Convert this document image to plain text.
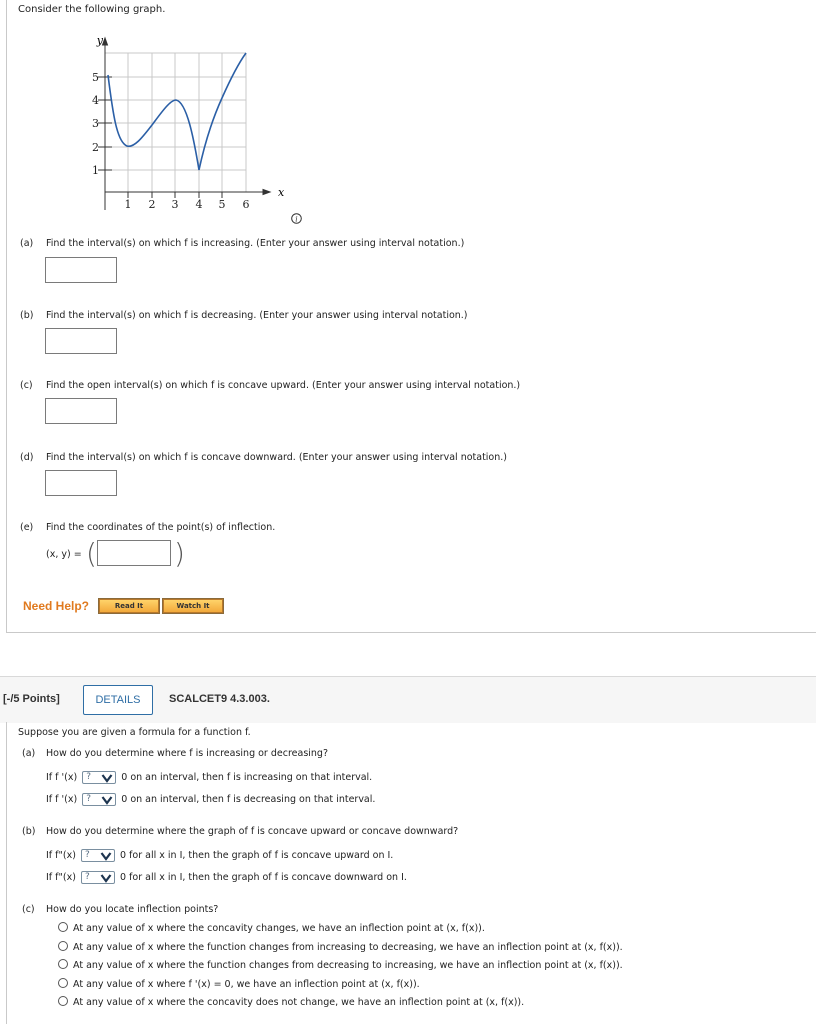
Consider the following graph.
y
x
5
4
3
2
1
1 2 3 4 5 6
i
(a) Find the interval(s) on which f is increasing. (Enter your answer using interval notation.)
(b) Find the interval(s) on which f is decreasing. (Enter your answer using interval notation.)
(c) Find the open interval(s) on which f is concave upward. (Enter your answer using interval notation.)
(d) Find the interval(s) on which f is concave downward. (Enter your answer using interval notation.)
(e) Find the coordinates of the point(s) of inflection.
(x, y) = (	)
Need Help?	Read It	Watch It
[-/5 Points]	DETAILS	SCALCET9 4.3.003.
Suppose you are given a formula for a function f.
(a) How do you determine where f is increasing or decreasing?
If f '(x) ?	0 on an interval, then f is increasing on that interval.
If f '(x) ?	0 on an interval, then f is decreasing on that interval.
(b) How do you determine where the graph of f is concave upward or concave downward?
If f"(x) ?	0 for all x in I, then the graph of f is concave upward on I.
If f"(x) ?	0 for all x in I, then the graph of f is concave downward on I.
(c) How do you locate inflection points?
At any value of x where the concavity changes, we have an inflection point at (x, f(x)).
At any value of x where the function changes from increasing to decreasing, we have an inflection point at (x, f(x)).
At any value of x where the function changes from decreasing to increasing, we have an inflection point at (x, f(x)).
At any value of x where f '(x) = 0, we have an inflection point at (x, f(x)).
At any value of x where the concavity does not change, we have an inflection point at (x, f(x)).
